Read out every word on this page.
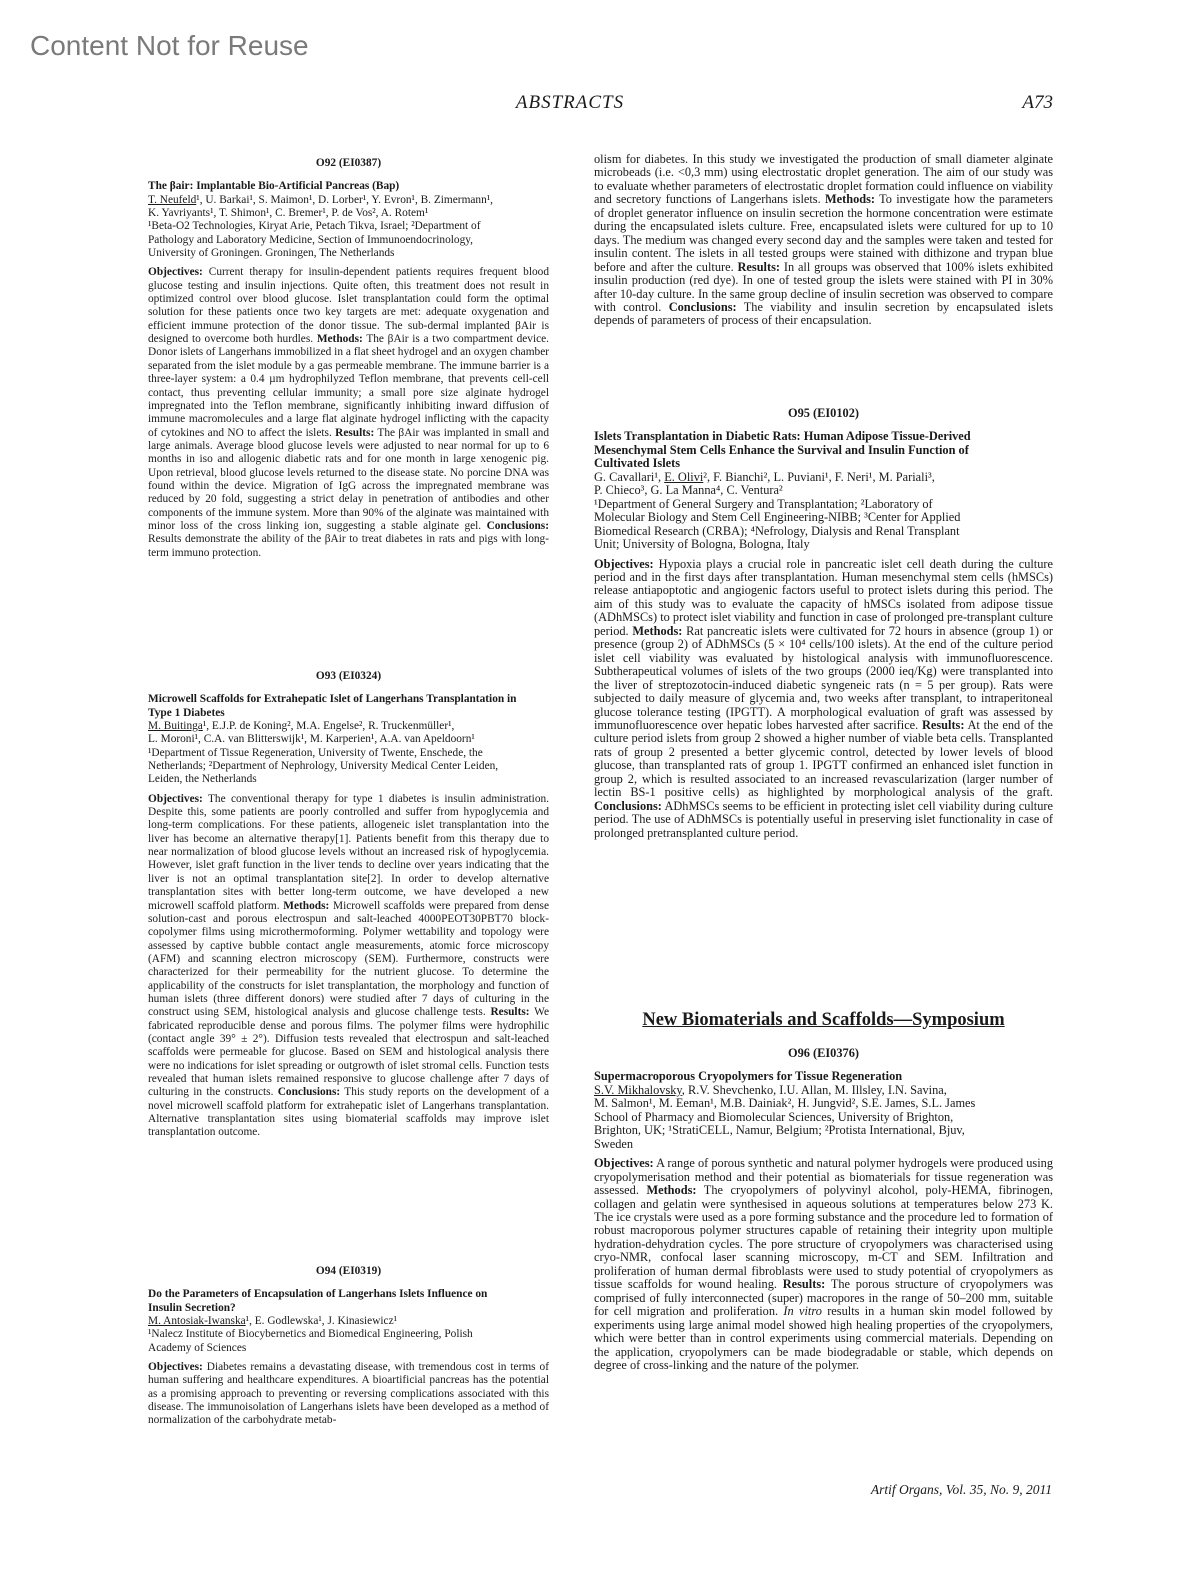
Content Not for Reuse
ABSTRACTS	A73
O92 (EI0387)
The βair: Implantable Bio-Artificial Pancreas (Bap)
T. Neufeld¹, U. Barkai¹, S. Maimon¹, D. Lorber¹, Y. Evron¹, B. Zimermann¹,
K. Yavriyants¹, T. Shimon¹, C. Bremer¹, P. de Vos², A. Rotem¹
¹Beta-O2 Technologies, Kiryat Arie, Petach Tikva, Israel; ²Department of
Pathology and Laboratory Medicine, Section of Immunoendocrinology,
University of Groningen. Groningen, The Netherlands
Objectives: Current therapy for insulin-dependent patients requires frequent blood glucose testing and insulin injections. Quite often, this treatment does not result in optimized control over blood glucose. Islet transplantation could form the optimal solution for these patients once two key targets are met: adequate oxygenation and efficient immune protection of the donor tissue. The sub-dermal implanted βAir is designed to overcome both hurdles. Methods: The βAir is a two compartment device. Donor islets of Langerhans immobilized in a flat sheet hydrogel and an oxygen chamber separated from the islet module by a gas permeable membrane. The immune barrier is a three-layer system: a 0.4 µm hydrophilyzed Teflon membrane, that prevents cell-cell contact, thus preventing cellular immunity; a small pore size alginate hydrogel impregnated into the Teflon membrane, significantly inhibiting inward diffusion of immune macromolecules and a large flat alginate hydrogel inflicting with the capacity of cytokines and NO to affect the islets. Results: The βAir was implanted in small and large animals. Average blood glucose levels were adjusted to near normal for up to 6 months in iso and allogenic diabetic rats and for one month in large xenogenic pig. Upon retrieval, blood glucose levels returned to the disease state. No porcine DNA was found within the device. Migration of IgG across the impregnated membrane was reduced by 20 fold, suggesting a strict delay in penetration of antibodies and other components of the immune system. More than 90% of the alginate was maintained with minor loss of the cross linking ion, suggesting a stable alginate gel. Conclusions: Results demonstrate the ability of the βAir to treat diabetes in rats and pigs with long-term immuno protection.
O93 (EI0324)
Microwell Scaffolds for Extrahepatic Islet of Langerhans Transplantation in
Type 1 Diabetes
M. Buitinga¹, E.J.P. de Koning², M.A. Engelse², R. Truckenmüller¹,
L. Moroni¹, C.A. van Blitterswijk¹, M. Karperien¹, A.A. van Apeldoorn¹
¹Department of Tissue Regeneration, University of Twente, Enschede, the
Netherlands; ²Department of Nephrology, University Medical Center Leiden,
Leiden, the Netherlands
Objectives: The conventional therapy for type 1 diabetes is insulin administration. Despite this, some patients are poorly controlled and suffer from hypoglycemia and long-term complications. For these patients, allogeneic islet transplantation into the liver has become an alternative therapy[1]. Patients benefit from this therapy due to near normalization of blood glucose levels without an increased risk of hypoglycemia. However, islet graft function in the liver tends to decline over years indicating that the liver is not an optimal transplantation site[2]. In order to develop alternative transplantation sites with better long-term outcome, we have developed a new microwell scaffold platform. Methods: Microwell scaffolds were prepared from dense solution-cast and porous electrospun and salt-leached 4000PEOT30PBT70 block-copolymer films using microthermoforming. Polymer wettability and topology were assessed by captive bubble contact angle measurements, atomic force microscopy (AFM) and scanning electron microscopy (SEM). Furthermore, constructs were characterized for their permeability for the nutrient glucose. To determine the applicability of the constructs for islet transplantation, the morphology and function of human islets (three different donors) were studied after 7 days of culturing in the construct using SEM, histological analysis and glucose challenge tests. Results: We fabricated reproducible dense and porous films. The polymer films were hydrophilic (contact angle 39° ± 2°). Diffusion tests revealed that electrospun and salt-leached scaffolds were permeable for glucose. Based on SEM and histological analysis there were no indications for islet spreading or outgrowth of islet stromal cells. Function tests revealed that human islets remained responsive to glucose challenge after 7 days of culturing in the constructs. Conclusions: This study reports on the development of a novel microwell scaffold platform for extrahepatic islet of Langerhans transplantation. Alternative transplantation sites using biomaterial scaffolds may improve islet transplantation outcome.
O94 (EI0319)
Do the Parameters of Encapsulation of Langerhans Islets Influence on
Insulin Secretion?
M. Antosiak-Iwanska¹, E. Godlewska¹, J. Kinasiewicz¹
¹Nalecz Institute of Biocybernetics and Biomedical Engineering, Polish
Academy of Sciences
Objectives: Diabetes remains a devastating disease, with tremendous cost in terms of human suffering and healthcare expenditures. A bioartificial pancreas has the potential as a promising approach to preventing or reversing complications associated with this disease. The immunoisolation of Langerhans islets have been developed as a method of normalization of the carbohydrate metab-
olism for diabetes. In this study we investigated the production of small diameter alginate microbeads (i.e. <0,3 mm) using electrostatic droplet generation. The aim of our study was to evaluate whether parameters of electrostatic droplet formation could influence on viability and secretory functions of Langerhans islets. Methods: To investigate how the parameters of droplet generator influence on insulin secretion the hormone concentration were estimate during the encapsulated islets culture. Free, encapsulated islets were cultured for up to 10 days. The medium was changed every second day and the samples were taken and tested for insulin content. The islets in all tested groups were stained with dithizone and trypan blue before and after the culture. Results: In all groups was observed that 100% islets exhibited insulin production (red dye). In one of tested group the islets were stained with PI in 30% after 10-day culture. In the same group decline of insulin secretion was observed to compare with control. Conclusions: The viability and insulin secretion by encapsulated islets depends of parameters of process of their encapsulation.
O95 (EI0102)
Islets Transplantation in Diabetic Rats: Human Adipose Tissue-Derived
Mesenchymal Stem Cells Enhance the Survival and Insulin Function of
Cultivated Islets
G. Cavallari¹, E. Olivi², F. Bianchi², L. Puviani¹, F. Neri¹, M. Pariali³,
P. Chieco³, G. La Manna⁴, C. Ventura²
¹Department of General Surgery and Transplantation; ²Laboratory of
Molecular Biology and Stem Cell Engineering-NIBB; ³Center for Applied
Biomedical Research (CRBA); ⁴Nefrology, Dialysis and Renal Transplant
Unit; University of Bologna, Bologna, Italy
Objectives: Hypoxia plays a crucial role in pancreatic islet cell death during the culture period and in the first days after transplantation. Human mesenchymal stem cells (hMSCs) release antiapoptotic and angiogenic factors useful to protect islets during this period. The aim of this study was to evaluate the capacity of hMSCs isolated from adipose tissue (ADhMSCs) to protect islet viability and function in case of prolonged pre-transplant culture period. Methods: Rat pancreatic islets were cultivated for 72 hours in absence (group 1) or presence (group 2) of ADhMSCs (5 × 10⁴ cells/100 islets). At the end of the culture period islet cell viability was evaluated by histological analysis with immunofluorescence. Subtherapeutical volumes of islets of the two groups (2000 ieq/Kg) were transplanted into the liver of streptozotocin-induced diabetic syngeneic rats (n = 5 per group). Rats were subjected to daily measure of glycemia and, two weeks after transplant, to intraperitoneal glucose tolerance testing (IPGTT). A morphological evaluation of graft was assessed by immunofluorescence over hepatic lobes harvested after sacrifice. Results: At the end of the culture period islets from group 2 showed a higher number of viable beta cells. Transplanted rats of group 2 presented a better glycemic control, detected by lower levels of blood glucose, than transplanted rats of group 1. IPGTT confirmed an enhanced islet function in group 2, which is resulted associated to an increased revascularization (larger number of lectin BS-1 positive cells) as highlighted by morphological analysis of the graft. Conclusions: ADhMSCs seems to be efficient in protecting islet cell viability during culture period. The use of ADhMSCs is potentially useful in preserving islet functionality in case of prolonged pretransplanted culture period.
New Biomaterials and Scaffolds—Symposium
O96 (EI0376)
Supermacroporous Cryopolymers for Tissue Regeneration
S.V. Mikhalovsky, R.V. Shevchenko, I.U. Allan, M. Illsley, I.N. Savina,
M. Salmon¹, M. Eeman¹, M.B. Dainiak², H. Jungvid², S.E. James, S.L. James
School of Pharmacy and Biomolecular Sciences, University of Brighton,
Brighton, UK; ¹StratiCELL, Namur, Belgium; ²Protista International, Bjuv,
Sweden
Objectives: A range of porous synthetic and natural polymer hydrogels were produced using cryopolymerisation method and their potential as biomaterials for tissue regeneration was assessed. Methods: The cryopolymers of polyvinyl alcohol, poly-HEMA, fibrinogen, collagen and gelatin were synthesised in aqueous solutions at temperatures below 273 K. The ice crystals were used as a pore forming substance and the procedure led to formation of robust macroporous polymer structures capable of retaining their integrity upon multiple hydration-dehydration cycles. The pore structure of cryopolymers was characterised using cryo-NMR, confocal laser scanning microscopy, m-CT and SEM. Infiltration and proliferation of human dermal fibroblasts were used to study potential of cryopolymers as tissue scaffolds for wound healing. Results: The porous structure of cryopolymers was comprised of fully interconnected (super) macropores in the range of 50–200 mm, suitable for cell migration and proliferation. In vitro results in a human skin model followed by experiments using large animal model showed high healing properties of the cryopolymers, which were better than in control experiments using commercial materials. Depending on the application, cryopolymers can be made biodegradable or stable, which depends on degree of cross-linking and the nature of the polymer.
Artif Organs, Vol. 35, No. 9, 2011
